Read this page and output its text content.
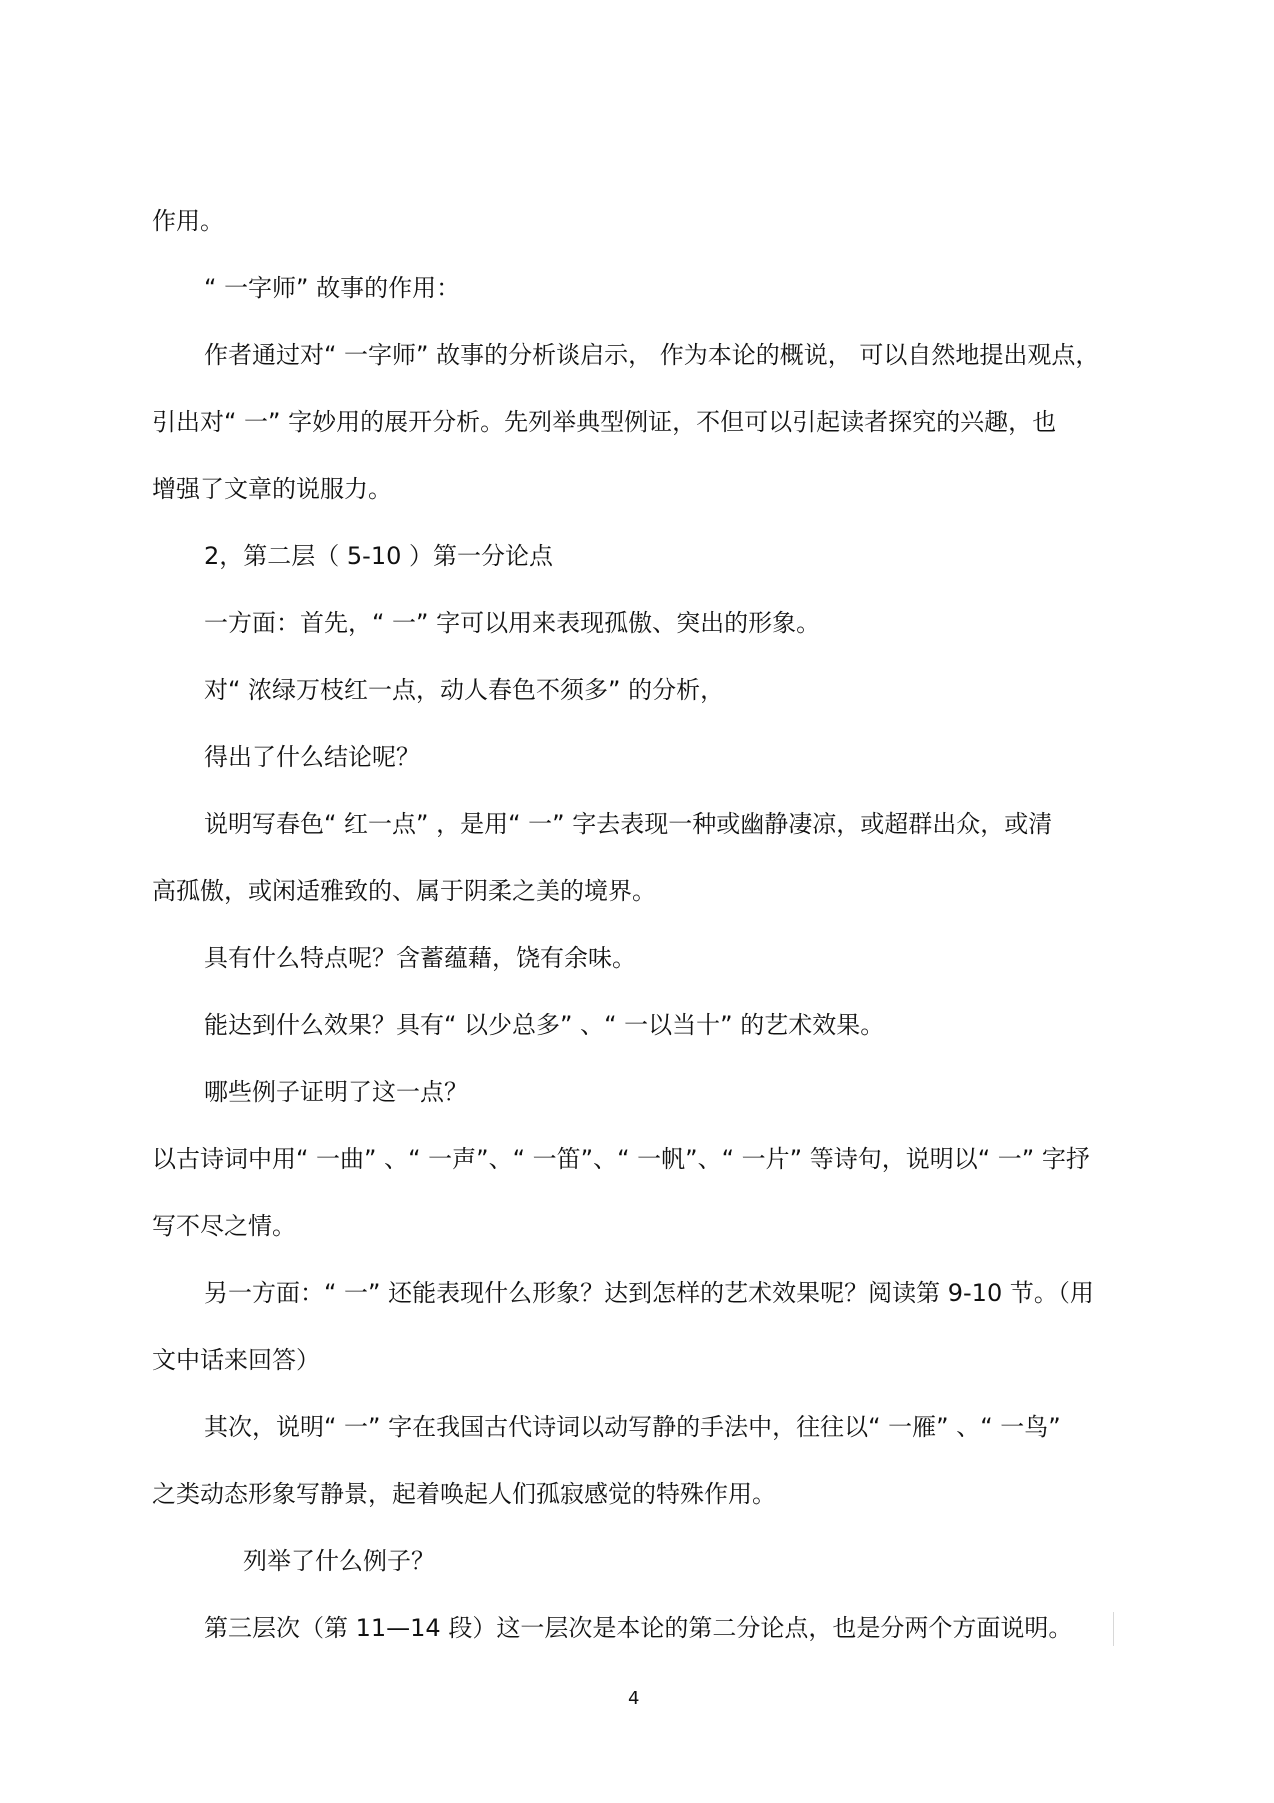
作用。
“ 一字师” 故事的作用：
作者通过对“ 一字师” 故事的分析谈启示， 作为本论的概说， 可以自然地提出观点，
引出对“ 一” 字妙用的展开分析。先列举典型例证，不但可以引起读者探究的兴趣，也
增强了文章的说服力。
2，第二层（ 5-10 ）第一分论点
一方面：首先，“ 一” 字可以用来表现孤傲、突出的形象。
对“ 浓绿万枝红一点，动人春色不须多” 的分析，
得出了什么结论呢？
说明写春色“ 红一点” ，是用“ 一” 字去表现一种或幽静凄凉，或超群出众，或清
高孤傲，或闲适雅致的、属于阴柔之美的境界。
具有什么特点呢？含蓄蕴藉，饶有余味。
能达到什么效果？具有“ 以少总多” 、“ 一以当十” 的艺术效果。
哪些例子证明了这一点？
以古诗词中用“ 一曲” 、“ 一声”、“ 一笛”、“ 一帆”、“ 一片” 等诗句，说明以“ 一” 字抒
写不尽之情。
另一方面：“ 一” 还能表现什么形象？达到怎样的艺术效果呢？阅读第 9-10 节。（用
文中话来回答）
其次，说明“ 一” 字在我国古代诗词以动写静的手法中，往往以“ 一雁” 、“ 一鸟”
之类动态形象写静景，起着唤起人们孤寂感觉的特殊作用。
列举了什么例子？
第三层次（第 11—14 段）这一层次是本论的第二分论点，也是分两个方面说明。
4
